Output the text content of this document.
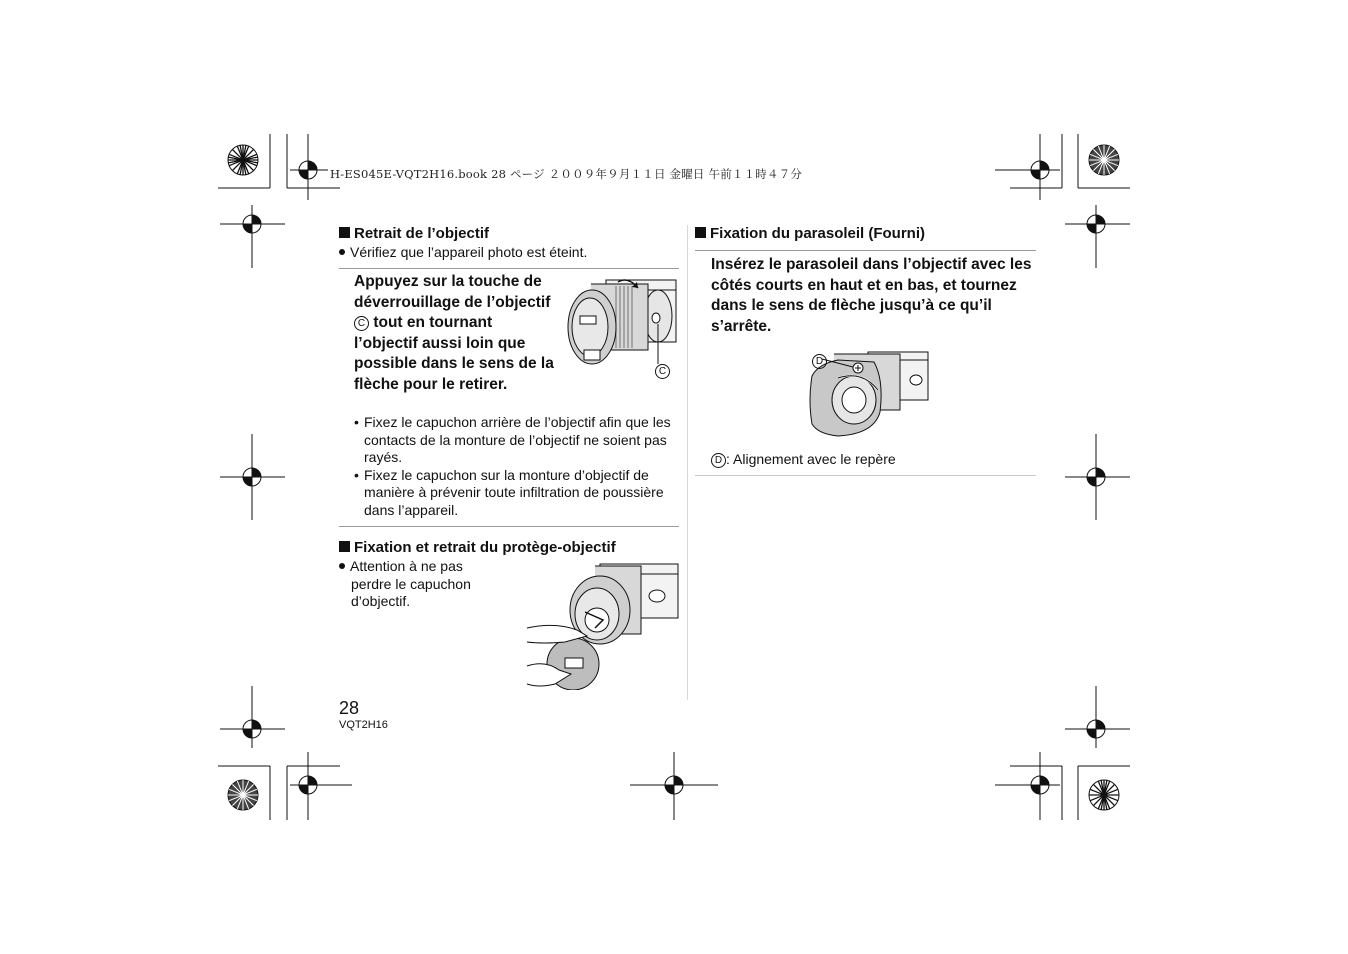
H-ES045E-VQT2H16.book 28 ページ ２００９年９月１１日 金曜日 午前１１時４７分
Retrait de l’objectif
Vérifiez que l’appareil photo est éteint.
Appuyez sur la touche de déverrouillage de l’objectif C tout en tournant l’objectif aussi loin que possible dans le sens de la flèche pour le retirer.
C
• Fixez le capuchon arrière de l’objectif afin que les contacts de la monture de l’objectif ne soient pas rayés.
• Fixez le capuchon sur la monture d’objectif de manière à prévenir toute infiltration de poussière dans l’appareil.
Fixation et retrait du protège-objectif
Attention à ne pas perdre le capuchon d’objectif.
28
VQT2H16
Fixation du parasoleil (Fourni)
Insérez le parasoleil dans l’objectif avec les côtés courts en haut et en bas, et tournez dans le sens de flèche jusqu’à ce qu’il s’arrête.
D
D : Alignement avec le repère
